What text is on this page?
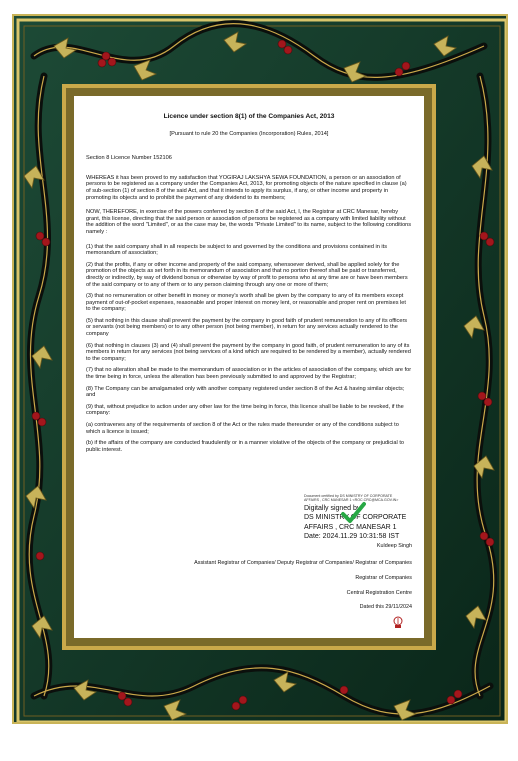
Licence under section 8(1) of the Companies Act, 2013

[Pursuant to rule 20 the Companies (Incorporation) Rules, 2014]

Section 8 Licence Number 152106

WHEREAS it has been proved to my satisfaction that YOGIRAJ LAKSHYA SEWA FOUNDATION, a person or an association of persons to be registered as a company under the Companies Act, 2013, for promoting objects of the nature specified in clause (a) of sub-section (1) of section 8 of the said Act, and that it intends to apply its surplus, if any, or other income and property in promoting its objects and to prohibit the payment of any dividend to its members;

NOW, THEREFORE, in exercise of the powers conferred by section 8 of the said Act, I, the Registrar at CRC Manesar, hereby grant, this license, directing that the said person or association of persons be registered as a company with limited liability without the addition of the word "Limited", or as the case may be, the words "Private Limited" to its name, subject to the following conditions namely :

(1) that the said company shall in all respects be subject to and governed by the conditions and provisions contained in its memorandum of association;

(2) that the profits, if any or other income and property of the said company, whensoever derived, shall be applied solely for the promotion of the objects as set forth in its memorandum of association and that no portion thereof shall be paid or transferred, directly or indirectly, by way of dividend bonus or otherwise by way of profit to persons who at any time are or have been members of the said company or to any of them or to any person claiming through any one or more of them;

(3) that no remuneration or other benefit in money or money's worth shall be given by the company to any of its members except payment of out-of-pocket expenses, reasonable and proper interest on money lent, or reasonable and proper rent on premises let to the company;

(5) that nothing in this clause shall prevent the payment by the company in good faith of prudent remuneration to any of its officers or servants (not being members) or to any other person (not being member), in return for any services actually rendered to the company

(6) that nothing in clauses (3) and (4) shall prevent the payment by the company in good faith, of prudent remuneration to any of its members in return for any services (not being services of a kind which are required to be rendered by a member), actually rendered to the company;

(7) that no alteration shall be made to the memorandum of association or in the articles of association of the company, which are for the time being in force, unless the alteration has been previously submitted to and approved by the Registrar;

(8) The Company can be amalgamated only with another company registered under section 8 of the Act & having similar objects; and

(9) that, without prejudice to action under any other law for the time being in force, this licence shall be liable to be revoked, if the company:

(a) contravenes any of the requirements of section 8 of the Act or the rules made thereunder or any of the conditions subject to which a licence is issued;

(b) if the affairs of the company are conducted fraudulently or in a manner violative of the objects of the company or prejudicial to public interest.

Document certified by DS MINISTRY OF CORPORATE
AFFAIRS , CRC MANESAR 1 <ROC.CRC@MCA.GOV.IN>
Digitally signed by
DS MINISTRY OF CORPORATE
AFFAIRS , CRC MANESAR 1
Date: 2024.11.29 10:31:58 IST
Kuldeep Singh
Assistant Registrar of Companies/ Deputy Registrar of Companies/ Registrar of Companies
Registrar of Companies
Central Registration Centre
Dated this 29/11/2024
